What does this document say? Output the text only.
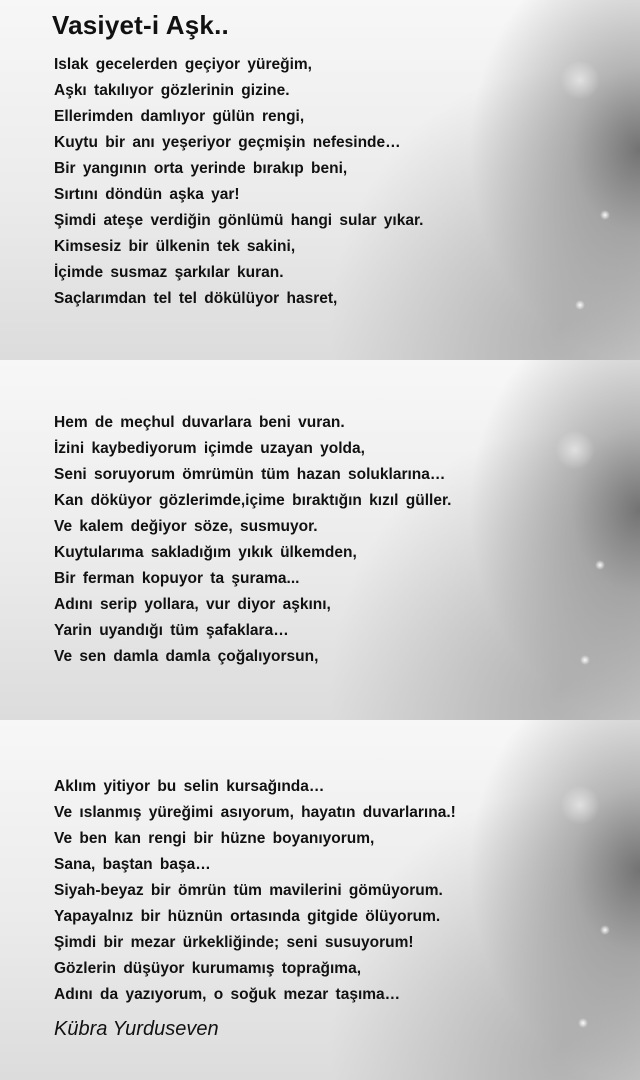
Vasiyet-i Aşk..
Islak gecelerden geçiyor yüreğim,
Aşkı takılıyor gözlerinin gizine.
Ellerimden damlıyor gülün rengi,
Kuytu bir anı yeşeriyor geçmişin nefesinde…
Bir yangının orta yerinde bırakıp beni,
Sırtını döndün aşka yar!
Şimdi ateşe verdiğin gönlümü hangi sular yıkar.
Kimsesiz bir ülkenin tek sakini,
İçimde susmaz şarkılar kuran.
Saçlarımdan tel tel dökülüyor hasret,
Hem de meçhul duvarlara beni vuran.
İzini kaybediyorum içimde uzayan yolda,
Seni soruyorum ömrümün tüm hazan soluklarına…
Kan döküyor gözlerimde,içime bıraktığın kızıl güller.
Ve kalem değiyor söze, susmuyor.
Kuytularıma sakladığım yıkık ülkemden,
Bir ferman kopuyor ta şurama...
Adını serip yollara, vur diyor aşkını,
Yarin uyandığı tüm şafaklara…
Ve sen damla damla çoğalıyorsun,
Aklım yitiyor bu selin kursağında…
Ve ıslanmış yüreğimi asıyorum, hayatın duvarlarına.!
Ve ben kan rengi bir hüzne boyanıyorum,
Sana, baştan başa…
Siyah-beyaz bir ömrün tüm mavilerini gömüyorum.
Yapayalnız bir hüznün ortasında gitgide ölüyorum.
Şimdi bir mezar ürkekliğinde; seni susuyorum!
Gözlerin düşüyor kurumamış toprağıma,
Adını da yazıyorum, o soğuk mezar taşıma…

Kübra Yurduseven
